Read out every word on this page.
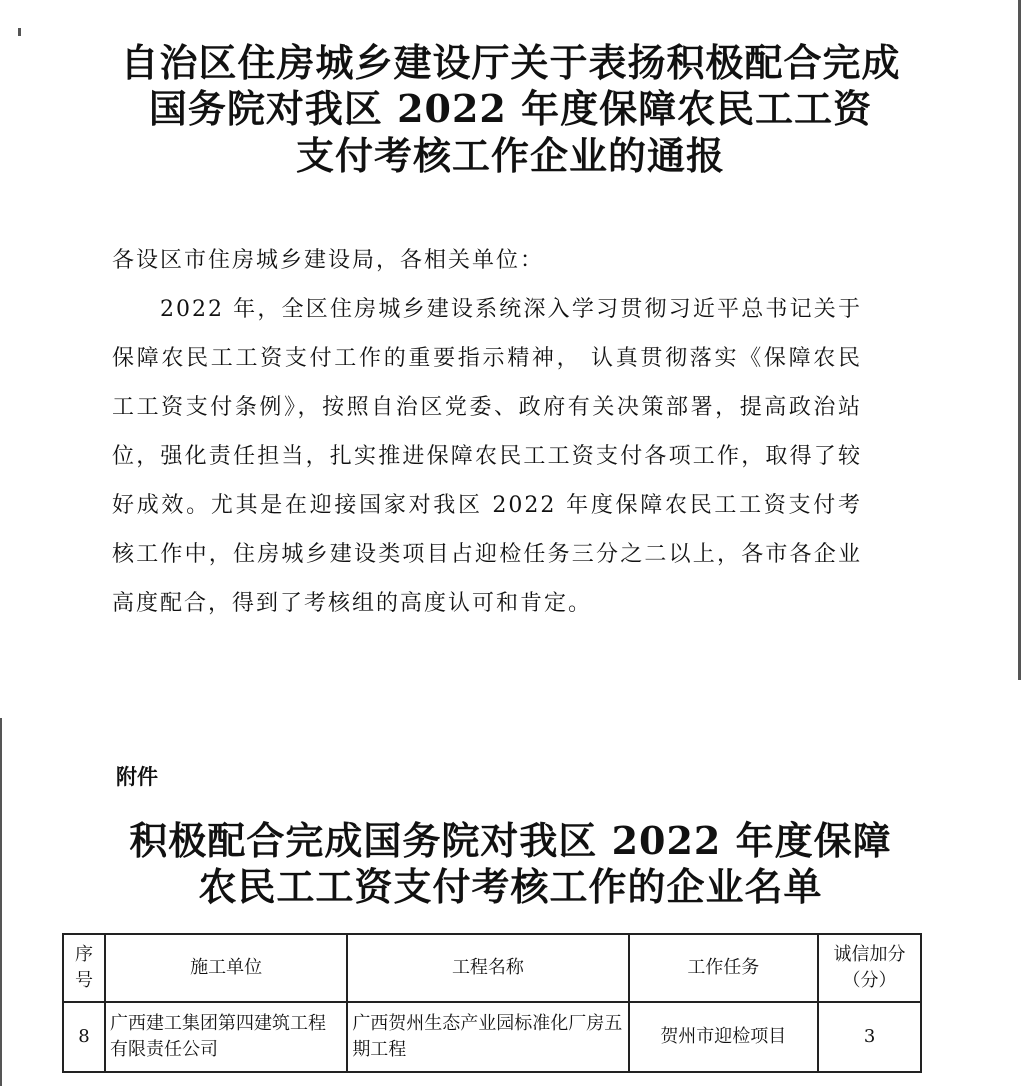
自治区住房城乡建设厅关于表扬积极配合完成
国务院对我区 2022 年度保障农民工工资
支付考核工作企业的通报

各设区市住房城乡建设局，各相关单位：

2022 年，全区住房城乡建设系统深入学习贯彻习近平总书记关于保障农民工工资支付工作的重要指示精神， 认真贯彻落实《保障农民工工资支付条例》，按照自治区党委、政府有关决策部署，提高政治站位，强化责任担当，扎实推进保障农民工工资支付各项工作，取得了较好成效。尤其是在迎接国家对我区 2022 年度保障农民工工资支付考核工作中，住房城乡建设类项目占迎检任务三分之二以上，各市各企业高度配合，得到了考核组的高度认可和肯定。

附件
积极配合完成国务院对我区 2022 年度保障
农民工工资支付考核工作的企业名单
序号	施工单位	工程名称	工作任务	诚信加分（分）
8	广西建工集团第四建筑工程有限责任公司	广西贺州生态产业园标准化厂房五期工程	贺州市迎检项目	3
